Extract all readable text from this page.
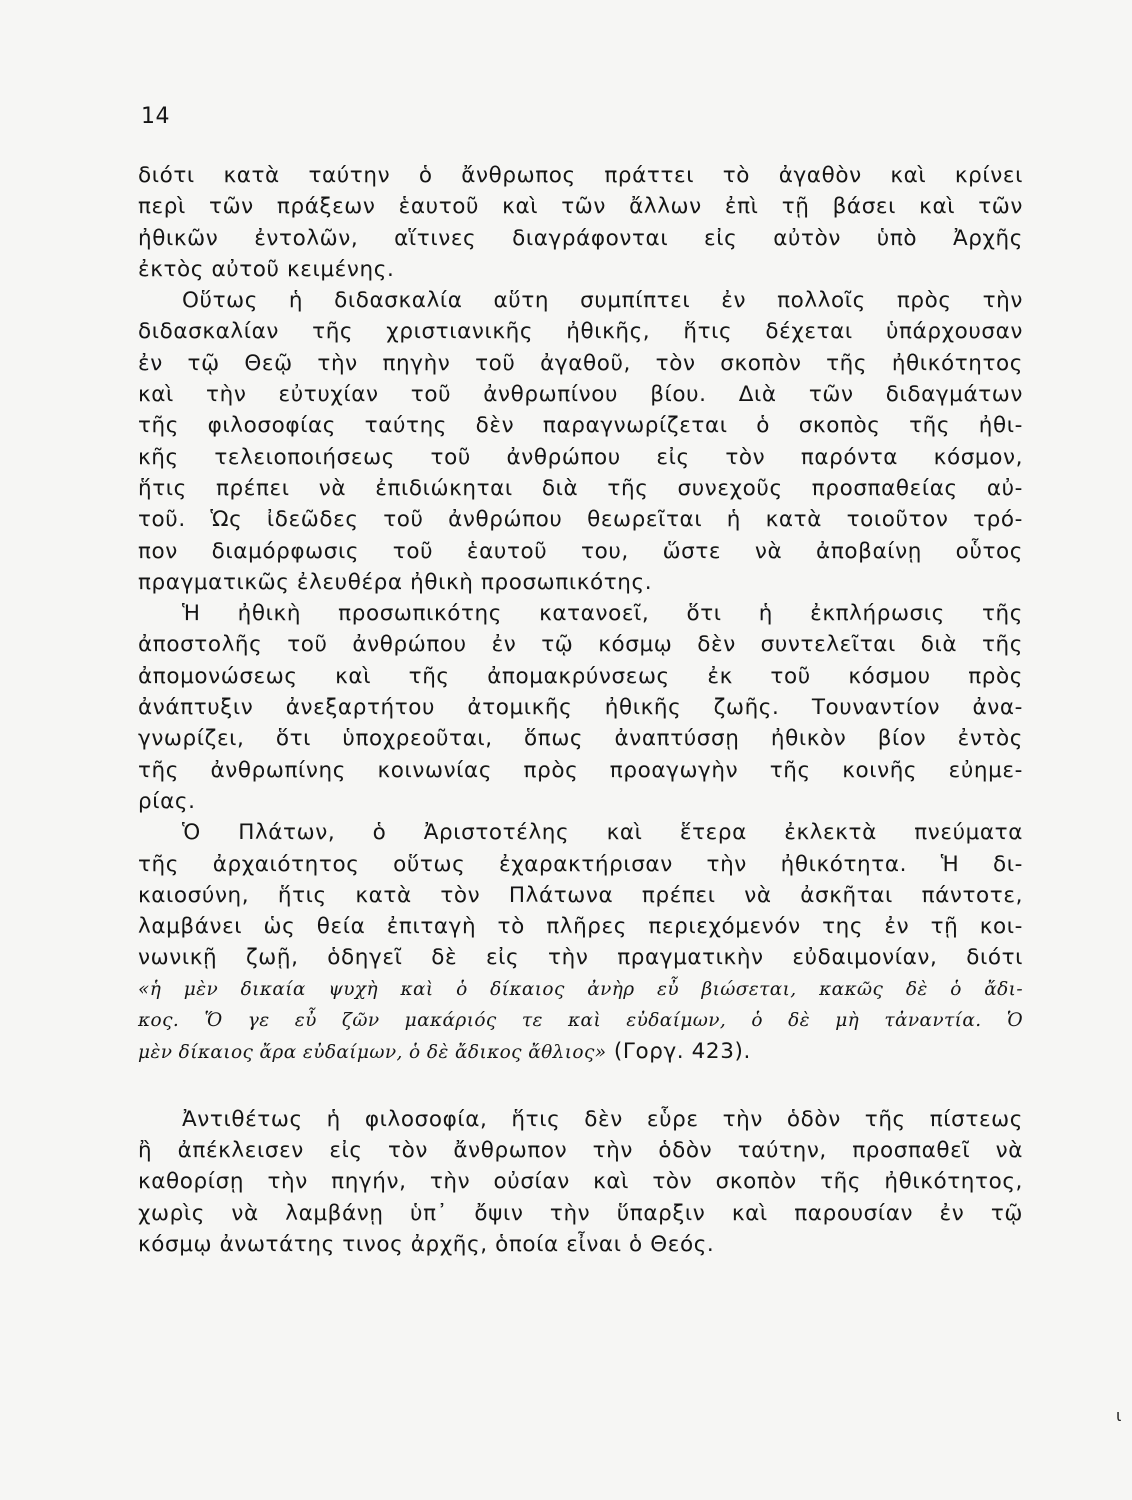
14
διότι κατὰ ταύτην ὁ ἄνθρωπος πράττει τὸ ἀγαθὸν καὶ κρίνει
περὶ τῶν πράξεων ἑαυτοῦ καὶ τῶν ἄλλων ἐπὶ τῇ βάσει καὶ τῶν
ἠθικῶν ἐντολῶν, αἵτινες διαγράφονται εἰς αὐτὸν ὑπὸ Ἀρχῆς
ἐκτὸς αὐτοῦ κειμένης.
Οὕτως ἡ διδασκαλία αὕτη συμπίπτει ἐν πολλοῖς πρὸς τὴν
διδασκαλίαν τῆς χριστιανικῆς ἠθικῆς, ἥτις δέχεται ὑπάρχουσαν
ἐν τῷ Θεῷ τὴν πηγὴν τοῦ ἀγαθοῦ, τὸν σκοπὸν τῆς ἠθικότητος
καὶ τὴν εὐτυχίαν τοῦ ἀνθρωπίνου βίου. Διὰ τῶν διδαγμάτων
τῆς φιλοσοφίας ταύτης δὲν παραγνωρίζεται ὁ σκοπὸς τῆς ἠθι-
κῆς τελειοποιήσεως τοῦ ἀνθρώπου εἰς τὸν παρόντα κόσμον,
ἥτις πρέπει νὰ ἐπιδιώκηται διὰ τῆς συνεχοῦς προσπαθείας αὐ-
τοῦ. Ὡς ἰδεῶδες τοῦ ἀνθρώπου θεωρεῖται ἡ κατὰ τοιοῦτον τρό-
πον διαμόρφωσις τοῦ ἑαυτοῦ του, ὥστε νὰ ἀποβαίνῃ οὗτος
πραγματικῶς ἐλευθέρα ἠθικὴ προσωπικότης.
Ἡ ἠθικὴ προσωπικότης κατανοεῖ, ὅτι ἡ ἐκπλήρωσις τῆς
ἀποστολῆς τοῦ ἀνθρώπου ἐν τῷ κόσμῳ δὲν συντελεῖται διὰ τῆς
ἀπομονώσεως καὶ τῆς ἀπομακρύνσεως ἐκ τοῦ κόσμου πρὸς
ἀνάπτυξιν ἀνεξαρτήτου ἀτομικῆς ἠθικῆς ζωῆς. Τουναντίον ἀνα-
γνωρίζει, ὅτι ὑποχρεοῦται, ὅπως ἀναπτύσσῃ ἠθικὸν βίον ἐντὸς
τῆς ἀνθρωπίνης κοινωνίας πρὸς προαγωγὴν τῆς κοινῆς εὐημε-
ρίας.
Ὁ Πλάτων, ὁ Ἀριστοτέλης καὶ ἕτερα ἐκλεκτὰ πνεύματα
τῆς ἀρχαιότητος οὕτως ἐχαρακτήρισαν τὴν ἠθικότητα. Ἡ δι-
καιοσύνη, ἥτις κατὰ τὸν Πλάτωνα πρέπει νὰ ἀσκῆται πάντοτε,
λαμβάνει ὡς θεία ἐπιταγὴ τὸ πλῆρες περιεχόμενόν της ἐν τῇ κοι-
νωνικῇ ζωῇ, ὁδηγεῖ δὲ εἰς τὴν πραγματικὴν εὐδαιμονίαν, διότι
«ἡ μὲν δικαία ψυχὴ καὶ ὁ δίκαιος ἀνὴρ εὖ βιώσεται, κακῶς δὲ ὁ ἄδι-
κος. Ὅ γε εὖ ζῶν μακάριός τε καὶ εὐδαίμων, ὁ δὲ μὴ τἀναντία. Ὁ
μὲν δίκαιος ἄρα εὐδαίμων, ὁ δὲ ἄδικος ἄθλιος» (Γοργ. 423).
Ἀντιθέτως ἡ φιλοσοφία, ἥτις δὲν εὗρε τὴν ὁδὸν τῆς πίστεως
ἢ ἀπέκλεισεν εἰς τὸν ἄνθρωπον τὴν ὁδὸν ταύτην, προσπαθεῖ νὰ
καθορίσῃ τὴν πηγήν, τὴν οὐσίαν καὶ τὸν σκοπὸν τῆς ἠθικότητος,
χωρὶς νὰ λαμβάνῃ ὑπ᾽ ὄψιν τὴν ὕπαρξιν καὶ παρουσίαν ἐν τῷ
κόσμῳ ἀνωτάτης τινος ἀρχῆς, ὁποία εἶναι ὁ Θεός.
ι
